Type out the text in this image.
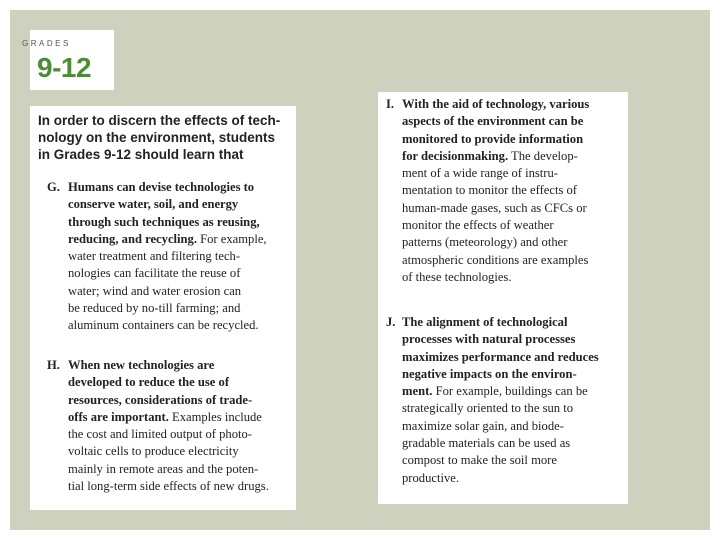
GRADES
9-12
In order to discern the effects of tech-
nology on the environment, students
in Grades 9-12 should learn that
G. Humans can devise technologies to
conserve water, soil, and energy
through such techniques as reusing,
reducing, and recycling. For example,
water treatment and filtering tech-
nologies can facilitate the reuse of
water; wind and water erosion can
be reduced by no-till farming; and
aluminum containers can be recycled.
H. When new technologies are
developed to reduce the use of
resources, considerations of trade-
offs are important. Examples include
the cost and limited output of photo-
voltaic cells to produce electricity
mainly in remote areas and the poten-
tial long-term side effects of new drugs.
I. With the aid of technology, various
aspects of the environment can be
monitored to provide information
for decisionmaking. The develop-
ment of a wide range of instru-
mentation to monitor the effects of
human-made gases, such as CFCs or
monitor the effects of weather
patterns (meteorology) and other
atmospheric conditions are examples
of these technologies.
J. The alignment of technological
processes with natural processes
maximizes performance and reduces
negative impacts on the environ-
ment. For example, buildings can be
strategically oriented to the sun to
maximize solar gain, and biode-
gradable materials can be used as
compost to make the soil more
productive.
